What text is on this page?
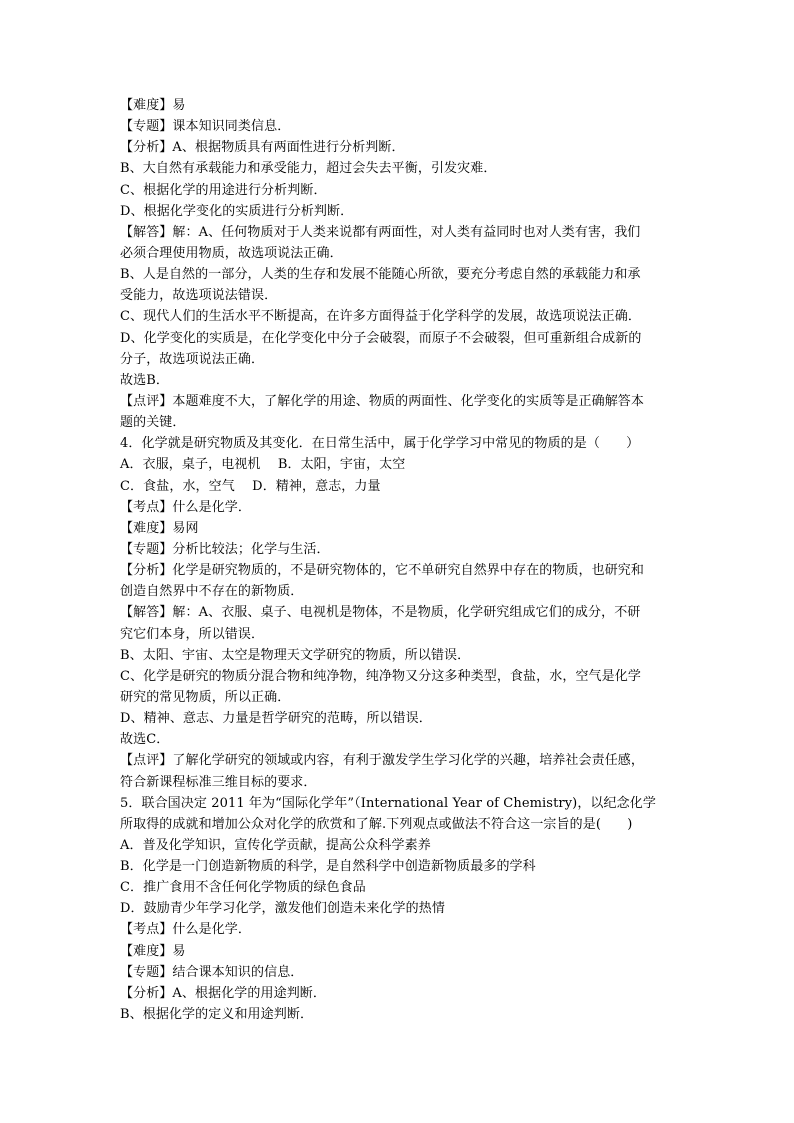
【难度】易
【专题】课本知识同类信息．
【分析】A、根据物质具有两面性进行分析判断．
B、大自然有承载能力和承受能力，超过会失去平衡，引发灾难．
C、根据化学的用途进行分析判断．
D、根据化学变化的实质进行分析判断．
【解答】解：A、任何物质对于人类来说都有两面性，对人类有益同时也对人类有害，我们
必须合理使用物质，故选项说法正确．
B、人是自然的一部分，人类的生存和发展不能随心所欲，要充分考虑自然的承载能力和承
受能力，故选项说法错误．
C、现代人们的生活水平不断提高，在许多方面得益于化学科学的发展，故选项说法正确．
D、化学变化的实质是，在化学变化中分子会破裂，而原子不会破裂，但可重新组合成新的
分子，故选项说法正确．
故选B．
【点评】本题难度不大，了解化学的用途、物质的两面性、化学变化的实质等是正确解答本
题的关键．
4．化学就是研究物质及其变化．在日常生活中，属于化学学习中常见的物质的是（　　）
A．衣服，桌子，电视机　 B．太阳，宇宙，太空
C．食盐，水，空气　 D．精神，意志，力量
【考点】什么是化学．
【难度】易网
【专题】分析比较法；化学与生活．
【分析】化学是研究物质的，不是研究物体的，它不单研究自然界中存在的物质，也研究和
创造自然界中不存在的新物质．
【解答】解：A、衣服、桌子、电视机是物体，不是物质，化学研究组成它们的成分，不研
究它们本身，所以错误．
B、太阳、宇宙、太空是物理天文学研究的物质，所以错误．
C、化学是研究的物质分混合物和纯净物，纯净物又分这多种类型，食盐，水，空气是化学
研究的常见物质，所以正确．
D、精神、意志、力量是哲学研究的范畴，所以错误．
故选C．
【点评】了解化学研究的领域或内容，有利于激发学生学习化学的兴趣，培养社会责任感，
符合新课程标准三维目标的要求．
5．联合国决定 2011 年为“国际化学年”（International Year of Chemistry)，以纪念化学
所取得的成就和增加公众对化学的欣赏和了解.下列观点或做法不符合这一宗旨的是(　　)
A．普及化学知识，宣传化学贡献，提高公众科学素养
B．化学是一门创造新物质的科学，是自然科学中创造新物质最多的学科
C．推广食用不含任何化学物质的绿色食品
D．鼓励青少年学习化学，激发他们创造未来化学的热情
【考点】什么是化学．
【难度】易
【专题】结合课本知识的信息．
【分析】A、根据化学的用途判断．
B、根据化学的定义和用途判断．
